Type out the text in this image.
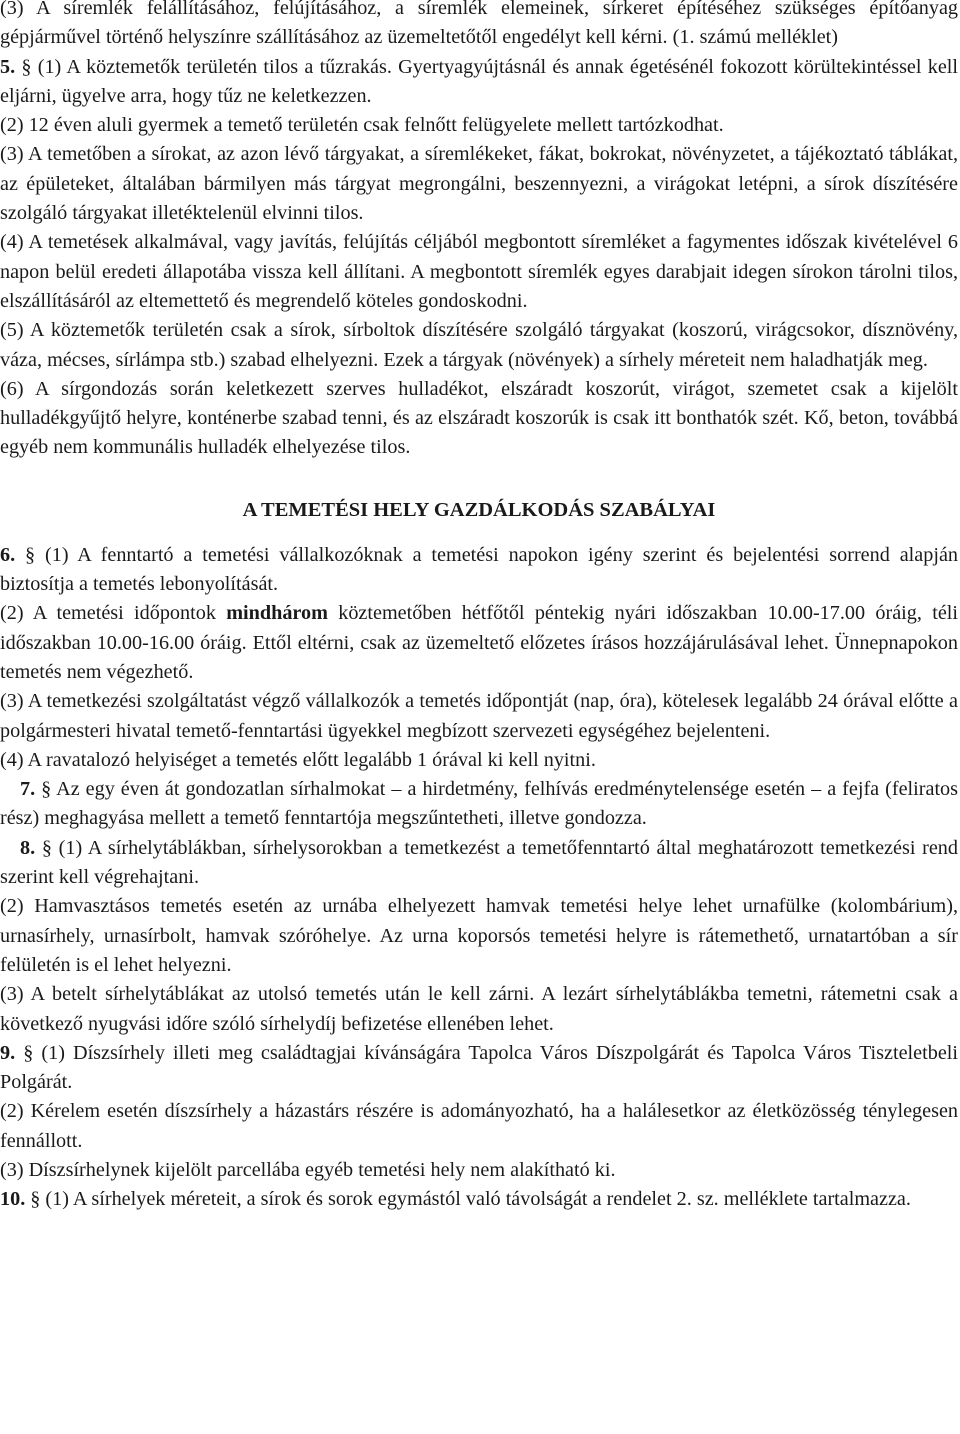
(3) A síremlék felállításához, felújításához, a síremlék elemeinek, sírkeret építéséhez szükséges építőanyag gépjárművel történő helyszínre szállításához az üzemeltetőtől engedélyt kell kérni. (1. számú melléklet)

5. § (1) A köztemetők területén tilos a tűzrakás. Gyertyagyújtásnál és annak égetésénél fokozott körültekintéssel kell eljárni, ügyelve arra, hogy tűz ne keletkezzen.

(2) 12 éven aluli gyermek a temető területén csak felnőtt felügyelete mellett tartózkodhat.

(3) A temetőben a sírokat, az azon lévő tárgyakat, a síremlékeket, fákat, bokrokat, növényzetet, a tájékoztató táblákat, az épületeket, általában bármilyen más tárgyat megrongálni, beszennyezni, a virágokat letépni, a sírok díszítésére szolgáló tárgyakat illetéktelenül elvinni tilos.

(4) A temetések alkalmával, vagy javítás, felújítás céljából megbontott síremléket a fagymentes időszak kivételével 6 napon belül eredeti állapotába vissza kell állítani. A megbontott síremlék egyes darabjait idegen sírokon tárolni tilos, elszállításáról az eltemettető és megrendelő köteles gondoskodni.

(5) A köztemetők területén csak a sírok, sírboltok díszítésére szolgáló tárgyakat (koszorú, virágcsokor, dísznövény, váza, mécses, sírlámpa stb.) szabad elhelyezni. Ezek a tárgyak (növények) a sírhely méreteit nem haladhatják meg.

(6) A sírgondozás során keletkezett szerves hulladékot, elszáradt koszorút, virágot, szemetet csak a kijelölt hulladékgyűjtő helyre, konténerbe szabad tenni, és az elszáradt koszorúk is csak itt bonthatók szét. Kő, beton, továbbá egyéb nem kommunális hulladék elhelyezése tilos.

A TEMETÉSI HELY GAZDÁLKODÁS SZABÁLYAI

6. § (1) A fenntartó a temetési vállalkozóknak a temetési napokon igény szerint és bejelentési sorrend alapján biztosítja a temetés lebonyolítását.

(2) A temetési időpontok mindhárom köztemetőben hétfőtől péntekig nyári időszakban 10.00-17.00 óráig, téli időszakban 10.00-16.00 óráig. Ettől eltérni, csak az üzemeltető előzetes írásos hozzájárulásával lehet. Ünnepnapokon temetés nem végezhető.

(3) A temetkezési szolgáltatást végző vállalkozók a temetés időpontját (nap, óra), kötelesek legalább 24 órával előtte a polgármesteri hivatal temető-fenntartási ügyekkel megbízott szervezeti egységéhez bejelenteni.

(4) A ravatalozó helyiséget a temetés előtt legalább 1 órával ki kell nyitni.

7. § Az egy éven át gondozatlan sírhalmokat – a hirdetmény, felhívás eredménytelensége esetén – a fejfa (feliratos rész) meghagyása mellett a temető fenntartója megszűntetheti, illetve gondozza.

8. § (1) A sírhelytáblákban, sírhelysorokban a temetkezést a temetőfenntartó által meghatározott temetkezési rend szerint kell végrehajtani.

(2) Hamvasztásos temetés esetén az urnába elhelyezett hamvak temetési helye lehet urnafülke (kolombárium), urnasírhely, urnasírbolt, hamvak szóróhelye. Az urna koporsós temetési helyre is rátemethető, urnatartóban a sír felületén is el lehet helyezni.

(3) A betelt sírhelytáblákat az utolsó temetés után le kell zárni. A lezárt sírhelytáblákba temetni, rátemetni csak a következő nyugvási időre szóló sírhelydíj befizetése ellenében lehet.

9. § (1) Díszsírhely illeti meg családtagjai kívánságára Tapolca Város Díszpolgárát és Tapolca Város Tiszteletbeli Polgárát.

(2) Kérelem esetén díszsírhely a házastárs részére is adományozható, ha a halálesetkor az életközösség ténylegesen fennállott.

(3) Díszsírhelynek kijelölt parcellába egyéb temetési hely nem alakítható ki.

10. § (1) A sírhelyek méreteit, a sírok és sorok egymástól való távolságát a rendelet 2. sz. melléklete tartalmazza.
